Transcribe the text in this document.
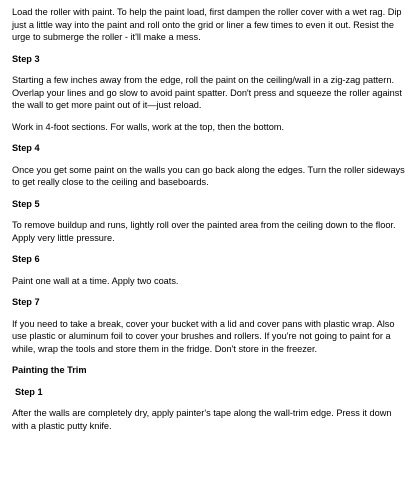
Load the roller with paint. To help the paint load, first dampen the roller cover with a wet rag. Dip just a little way into the paint and roll onto the grid or liner a few times to even it out. Resist the urge to submerge the roller - it'll make a mess.

Step 3

Starting a few inches away from the edge, roll the paint on the ceiling/wall in a zig-zag pattern. Overlap your lines and go slow to avoid paint spatter. Don't press and squeeze the roller against the wall to get more paint out of it—just reload.

Work in 4-foot sections. For walls, work at the top, then the bottom.

Step 4

Once you get some paint on the walls you can go back along the edges. Turn the roller sideways to get really close to the ceiling and baseboards.

Step 5

To remove buildup and runs, lightly roll over the painted area from the ceiling down to the floor. Apply very little pressure.

Step 6

Paint one wall at a time. Apply two coats.

Step 7

If you need to take a break, cover your bucket with a lid and cover pans with plastic wrap. Also use plastic or aluminum foil to cover your brushes and rollers. If you're not going to paint for a while, wrap the tools and store them in the fridge. Don't store in the freezer.

Painting the Trim

Step 1

After the walls are completely dry, apply painter's tape along the wall-trim edge. Press it down with a plastic putty knife.
